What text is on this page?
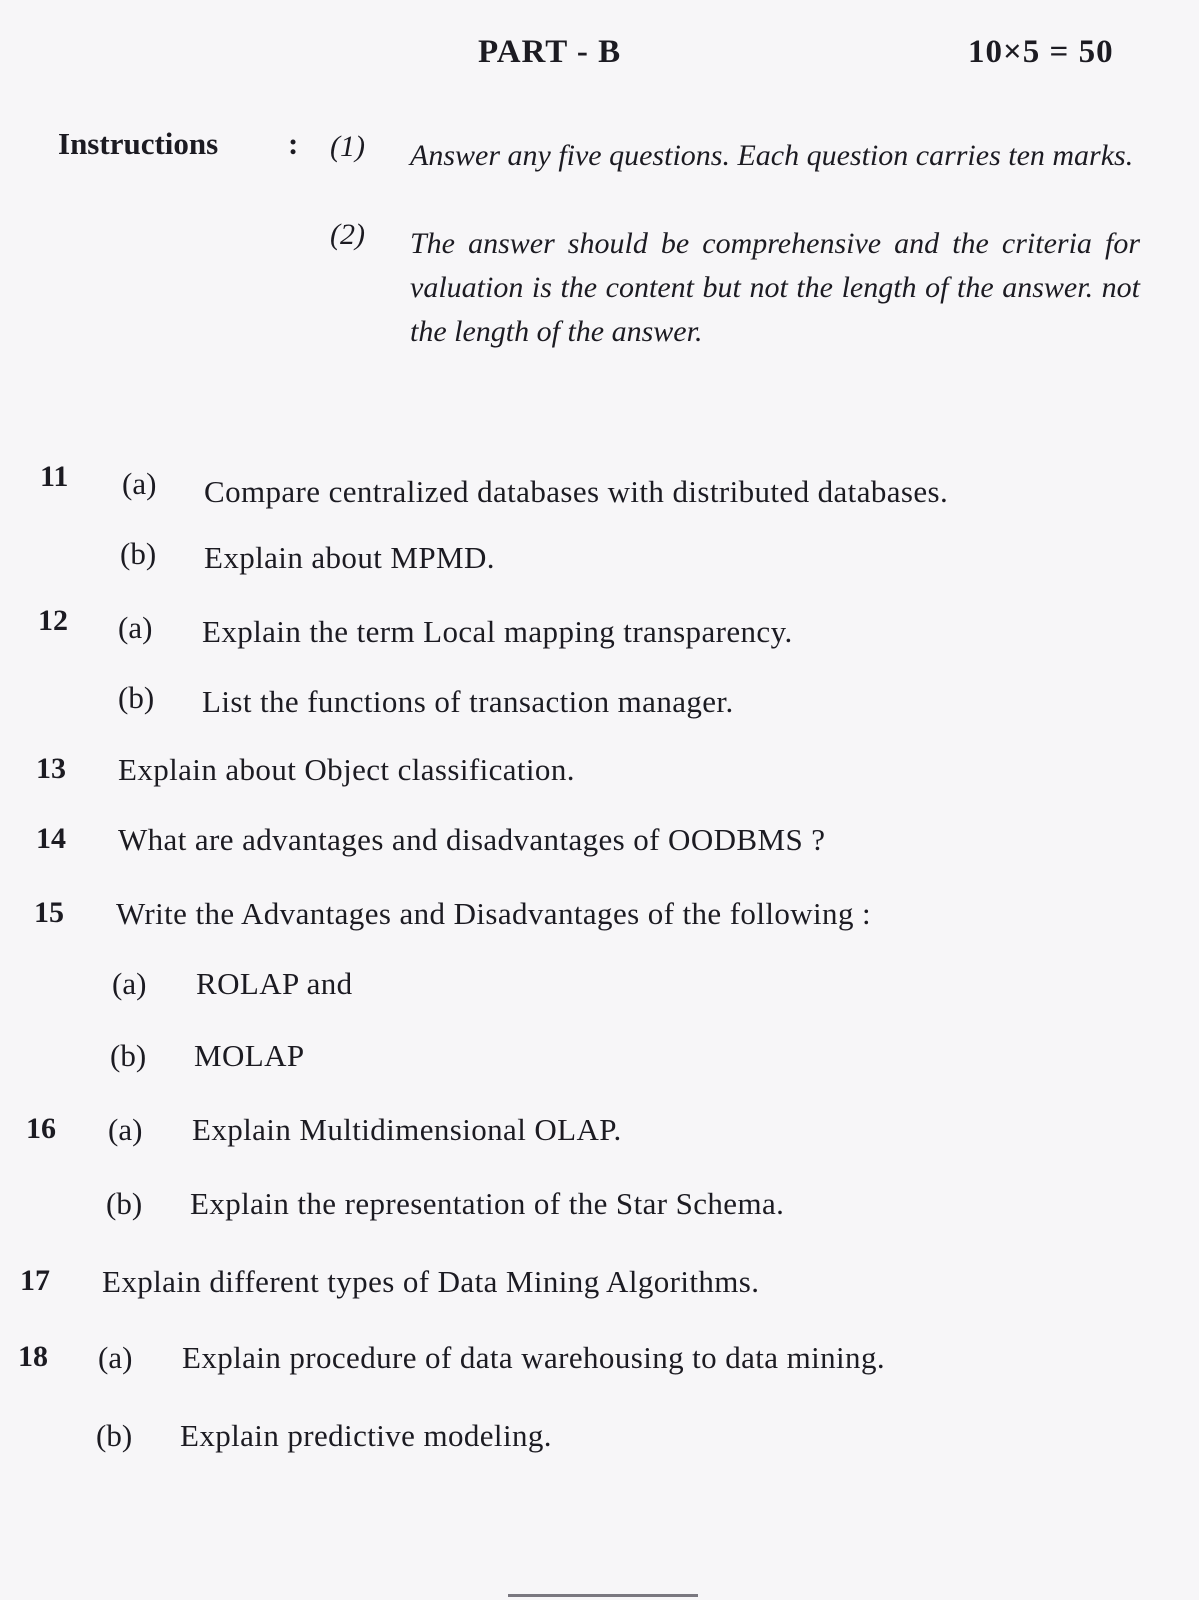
PART - B	10×5 = 50
Instructions : (1) Answer any five questions. Each question carries ten marks.
(2) The answer should be comprehensive and the criteria for valuation is the content but not the length of the answer. not the length of the answer.
11 (a) Compare centralized databases with distributed databases.
(b) Explain about MPMD.
12 (a) Explain the term Local mapping transparency.
(b) List the functions of transaction manager.
13 Explain about Object classification.
14 What are advantages and disadvantages of OODBMS ?
15 Write the Advantages and Disadvantages of the following :
(a) ROLAP and
(b) MOLAP
16 (a) Explain Multidimensional OLAP.
(b) Explain the representation of the Star Schema.
17 Explain different types of Data Mining Algorithms.
18 (a) Explain procedure of data warehousing to data mining.
(b) Explain predictive modeling.
